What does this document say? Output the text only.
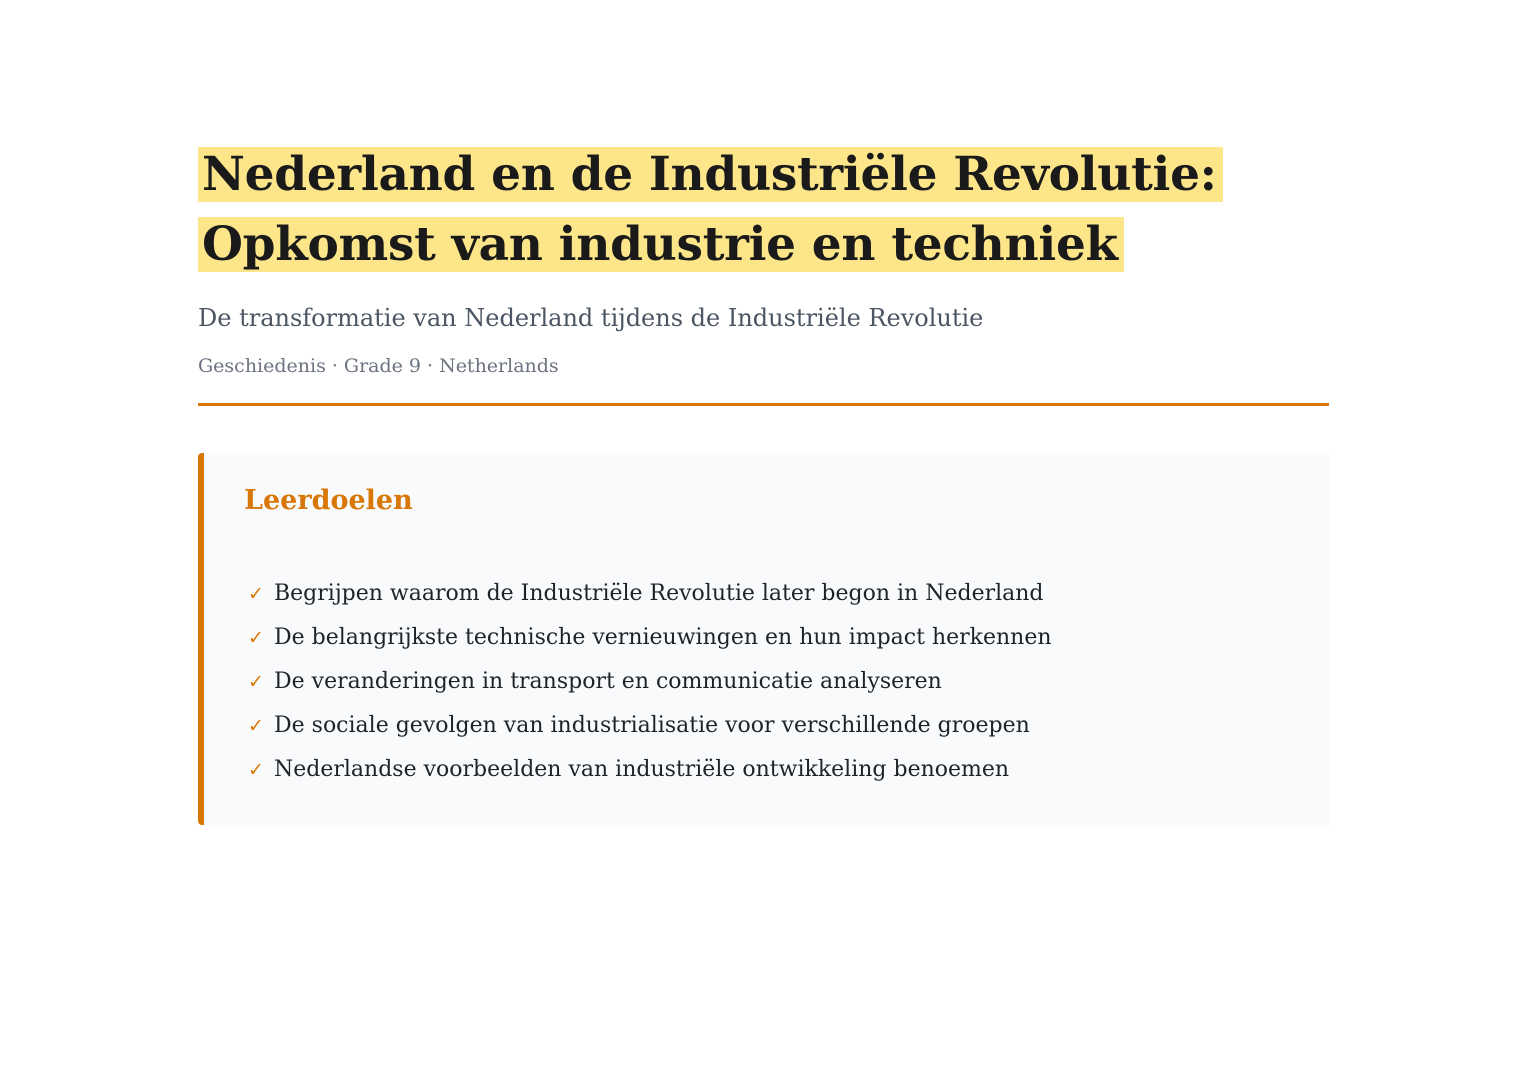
Nederland en de Industriële Revolutie: Opkomst van industrie en techniek

De transformatie van Nederland tijdens de Industriële Revolutie

Geschiedenis · Grade 9 · Netherlands

Leerdoelen
✓ Begrijpen waarom de Industriële Revolutie later begon in Nederland
✓ De belangrijkste technische vernieuwingen en hun impact herkennen
✓ De veranderingen in transport en communicatie analyseren
✓ De sociale gevolgen van industrialisatie voor verschillende groepen
✓ Nederlandse voorbeelden van industriële ontwikkeling benoemen
